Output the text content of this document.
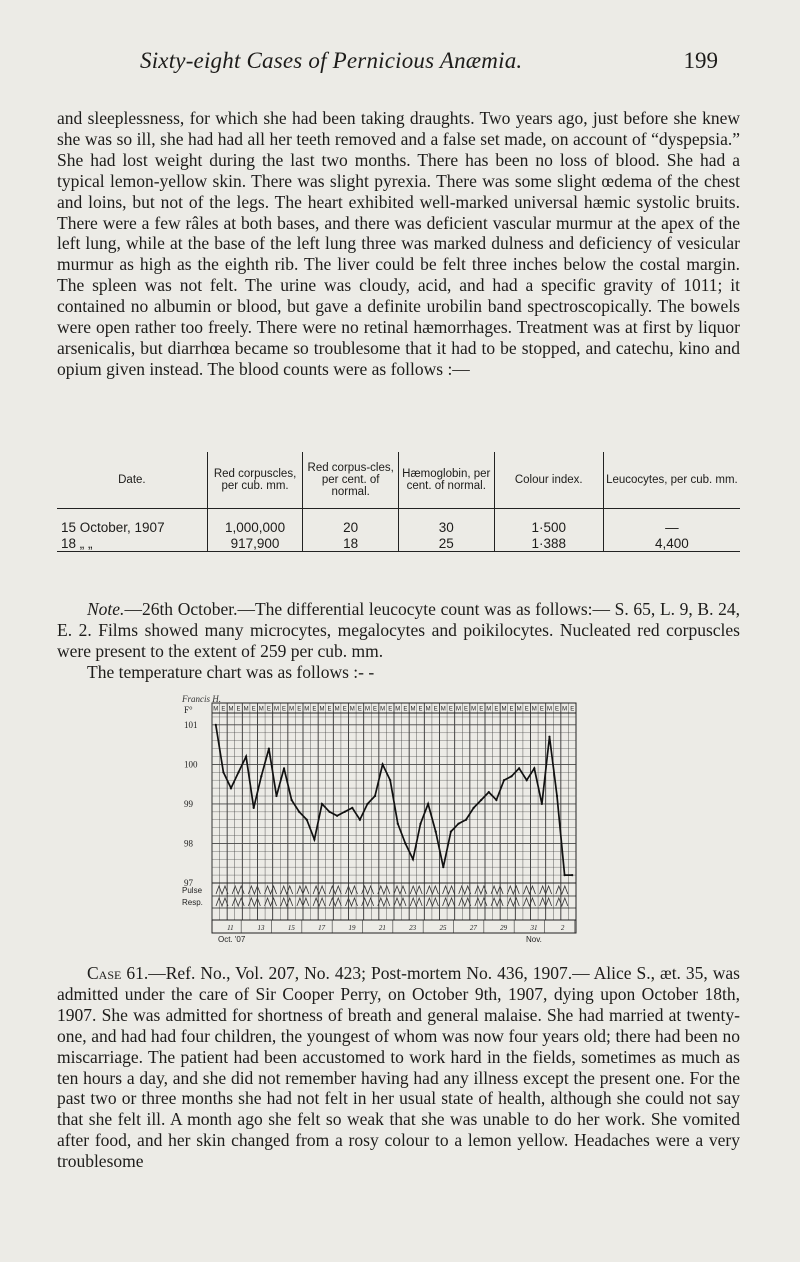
Sixty-eight Cases of Pernicious Anæmia.	199

and sleeplessness, for which she had been taking draughts. Two years ago, just before she knew she was so ill, she had had all her teeth removed and a false set made, on account of “dyspepsia.” She had lost weight during the last two months. There has been no loss of blood. She had a typical lemon-yellow skin. There was slight pyrexia. There was some slight œdema of the chest and loins, but not of the legs. The heart exhibited well-marked universal hæmic systolic bruits. There were a few râles at both bases, and there was deficient vascular murmur at the apex of the left lung, while at the base of the left lung three was marked dulness and deficiency of vesicular murmur as high as the eighth rib. The liver could be felt three inches below the costal margin. The spleen was not felt. The urine was cloudy, acid, and had a specific gravity of 1011; it contained no albumin or blood, but gave a definite urobilin band spectroscopically. The bowels were open rather too freely. There were no retinal hæmorrhages. Treatment was at first by liquor arsenicalis, but diarrhœa became so troublesome that it had to be stopped, and catechu, kino and opium given instead. The blood counts were as follows :—

Date.	Red corpuscles, per cub. mm.	Red corpus-cles, per cent. of normal.	Hæmoglobin, per cent. of normal.	Colour index.	Leucocytes, per cub. mm.
15 October, 1907	1,000,000	20	30	1·500	—
18 „ „	917,900	18	25	1·388	4,400

Note.—26th October.—The differential leucocyte count was as follows:— S. 65, L. 9, B. 24, E. 2. Films showed many microcytes, megalocytes and poikilocytes. Nucleated red corpuscles were present to the extent of 259 per cub. mm.

The temperature chart was as follows :- -

Francis H.
F°	M E M E M E M E M E M E M E M E M E M E M E M E M E M E M E M E M E M E M E M E M E M E M E M E
101
100
99
98
97
Pulse
Resp.
11	13	15	17	19	21	23	25	27	29	31	2
Oct. '07	Nov.

Case 61.—Ref. No., Vol. 207, No. 423; Post-mortem No. 436, 1907.— Alice S., æt. 35, was admitted under the care of Sir Cooper Perry, on October 9th, 1907, dying upon October 18th, 1907. She was admitted for shortness of breath and general malaise. She had married at twenty-one, and had had four children, the youngest of whom was now four years old; there had been no miscarriage. The patient had been accustomed to work hard in the fields, sometimes as much as ten hours a day, and she did not remember having had any illness except the present one. For the past two or three months she had not felt in her usual state of health, although she could not say that she felt ill. A month ago she felt so weak that she was unable to do her work. She vomited after food, and her skin changed from a rosy colour to a lemon yellow. Headaches were a very troublesome
